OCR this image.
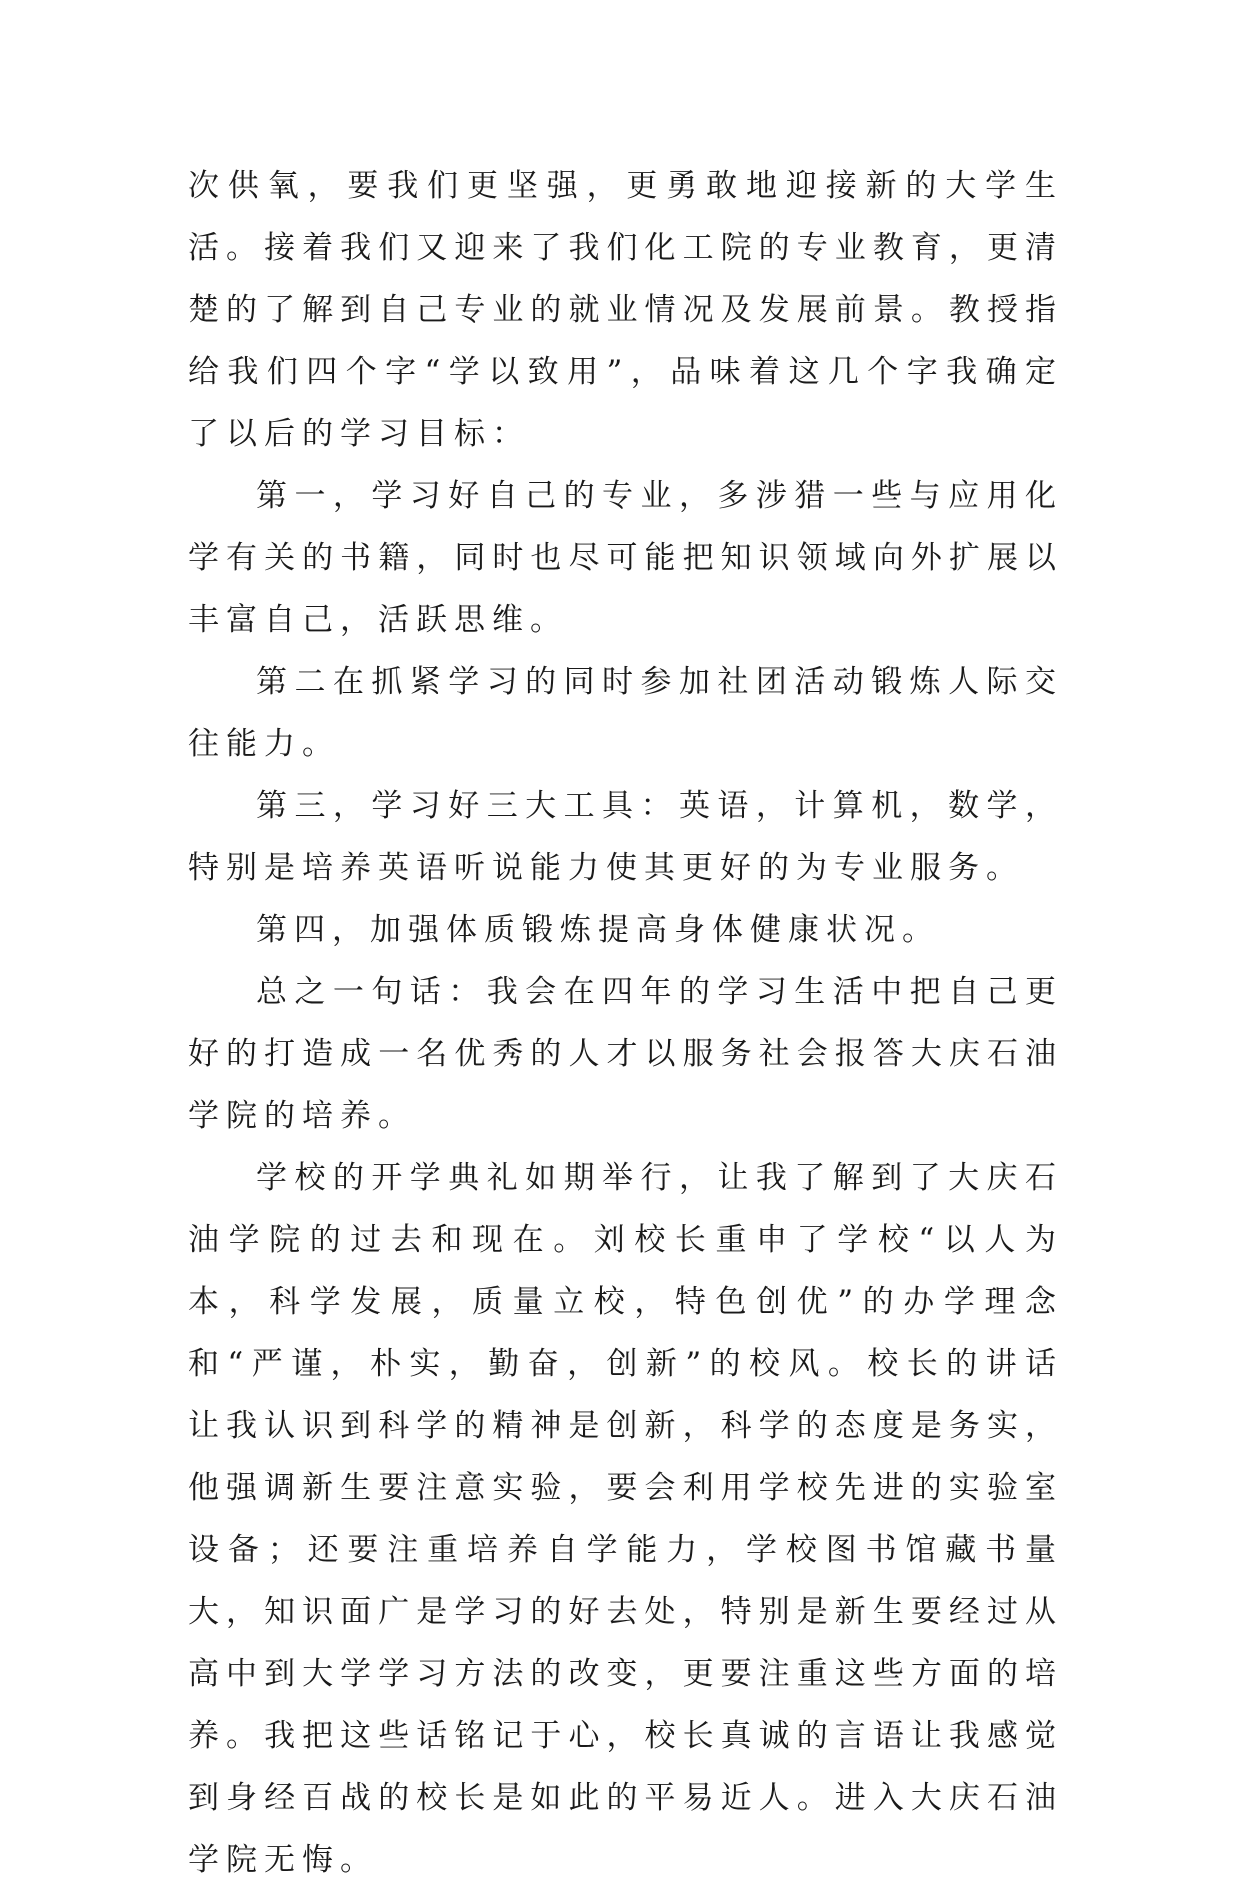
次供氧，要我们更坚强，更勇敢地迎接新的大学生活。接着我们又迎来了我们化工院的专业教育，更清楚的了解到自己专业的就业情况及发展前景。教授指给我们四个字“学以致用”，品味着这几个字我确定了以后的学习目标：

第一，学习好自己的专业，多涉猎一些与应用化学有关的书籍，同时也尽可能把知识领域向外扩展以丰富自己，活跃思维。

第二在抓紧学习的同时参加社团活动锻炼人际交往能力。

第三，学习好三大工具：英语，计算机，数学，特别是培养英语听说能力使其更好的为专业服务。

第四，加强体质锻炼提高身体健康状况。

总之一句话：我会在四年的学习生活中把自己更好的打造成一名优秀的人才以服务社会报答大庆石油学院的培养。

学校的开学典礼如期举行，让我了解到了大庆石油学院的过去和现在。刘校长重申了学校“以人为本，科学发展，质量立校，特色创优”的办学理念和“严谨，朴实，勤奋，创新”的校风。校长的讲话让我认识到科学的精神是创新，科学的态度是务实，他强调新生要注意实验，要会利用学校先进的实验室设备；还要注重培养自学能力，学校图书馆藏书量大，知识面广是学习的好去处，特别是新生要经过从高中到大学学习方法的改变，更要注重这些方面的培养。我把这些话铭记于心，校长真诚的言语让我感觉到身经百战的校长是如此的平易近人。进入大庆石油学院无悔。
